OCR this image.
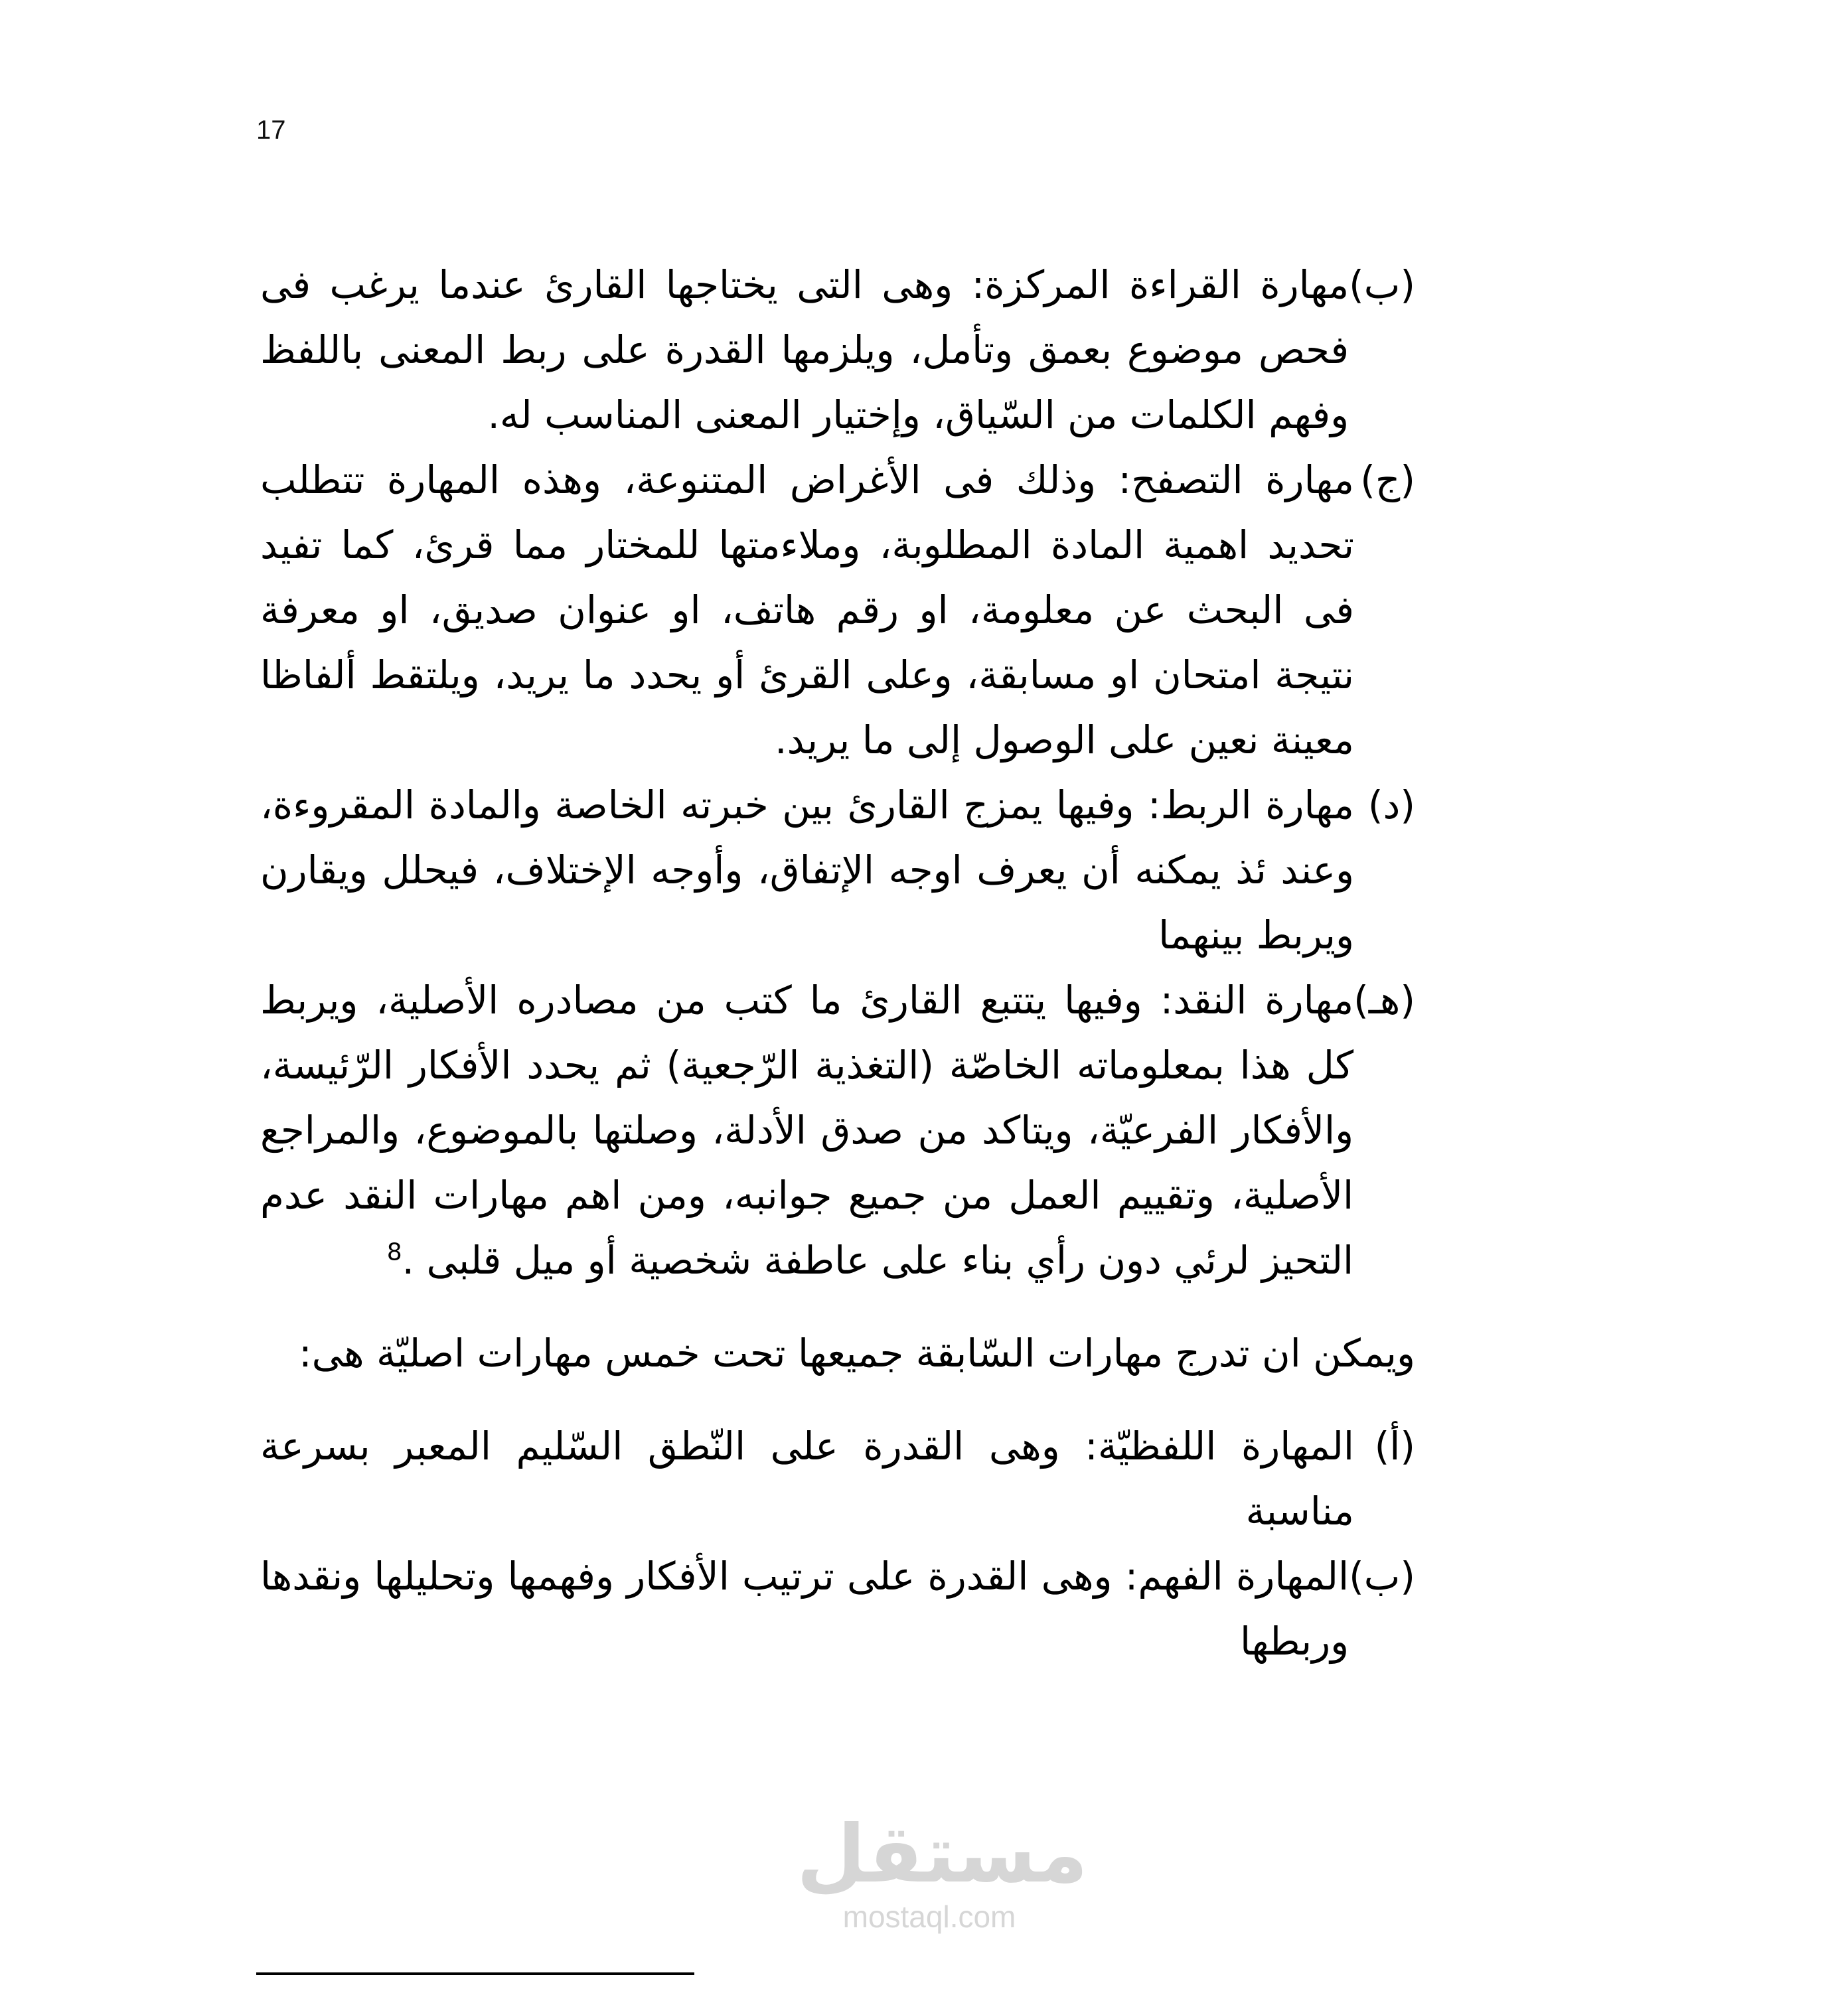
17
(ب)
مهارة القراءة المركزة: وهى التى يختاجها القارئ عندما يرغب فى فحص موضوع بعمق وتأمل، ويلزمها القدرة على ربط المعنى باللفظ وفهم الكلمات من السّياق، وإختيار المعنى المناسب له.
(ج)
مهارة التصفح: وذلك فى الأغراض المتنوعة، وهذه المهارة تتطلب تحديد اهمية المادة المطلوبة، وملاءمتها للمختار مما قرئ، كما تفيد فى البحث عن معلومة، او رقم هاتف، او عنوان صديق، او معرفة نتيجة امتحان او مسابقة، وعلى القرئ أو يحدد ما يريد، ويلتقط ألفاظا معينة نعين على الوصول إلى ما يريد.
(د)
مهارة الربط: وفيها يمزج القارئ بين خبرته الخاصة والمادة المقروءة، وعند ئذ يمكنه أن يعرف اوجه الإتفاق، وأوجه الإختلاف، فيحلل ويقارن ويربط بينهما
(هـ)
مهارة النقد: وفيها يتتبع القارئ ما كتب من مصادره الأصلية، ويربط كل هذا بمعلوماته الخاصّة (التغذية الرّجعية) ثم يحدد الأفكار الرّئيسة، والأفكار الفرعيّة، ويتاكد من صدق الأدلة، وصلتها بالموضوع، والمراجع الأصلية، وتقييم العمل من جميع جوانبه، ومن اهم مهارات النقد عدم التحيز لرئي دون رأي بناء على عاطفة شخصية أو ميل قلبى .$^8$
ويمكن ان تدرج مهارات السّابقة جميعها تحت خمس مهارات اصليّة هى:
(أ)
المهارة اللفظيّة: وهى القدرة على النّطق السّليم المعبر بسرعة مناسبة
(ب)
المهارة الفهم: وهى القدرة على ترتيب الأفكار وفهمها وتحليلها ونقدها وربطها
مستقل
mostaql.com
